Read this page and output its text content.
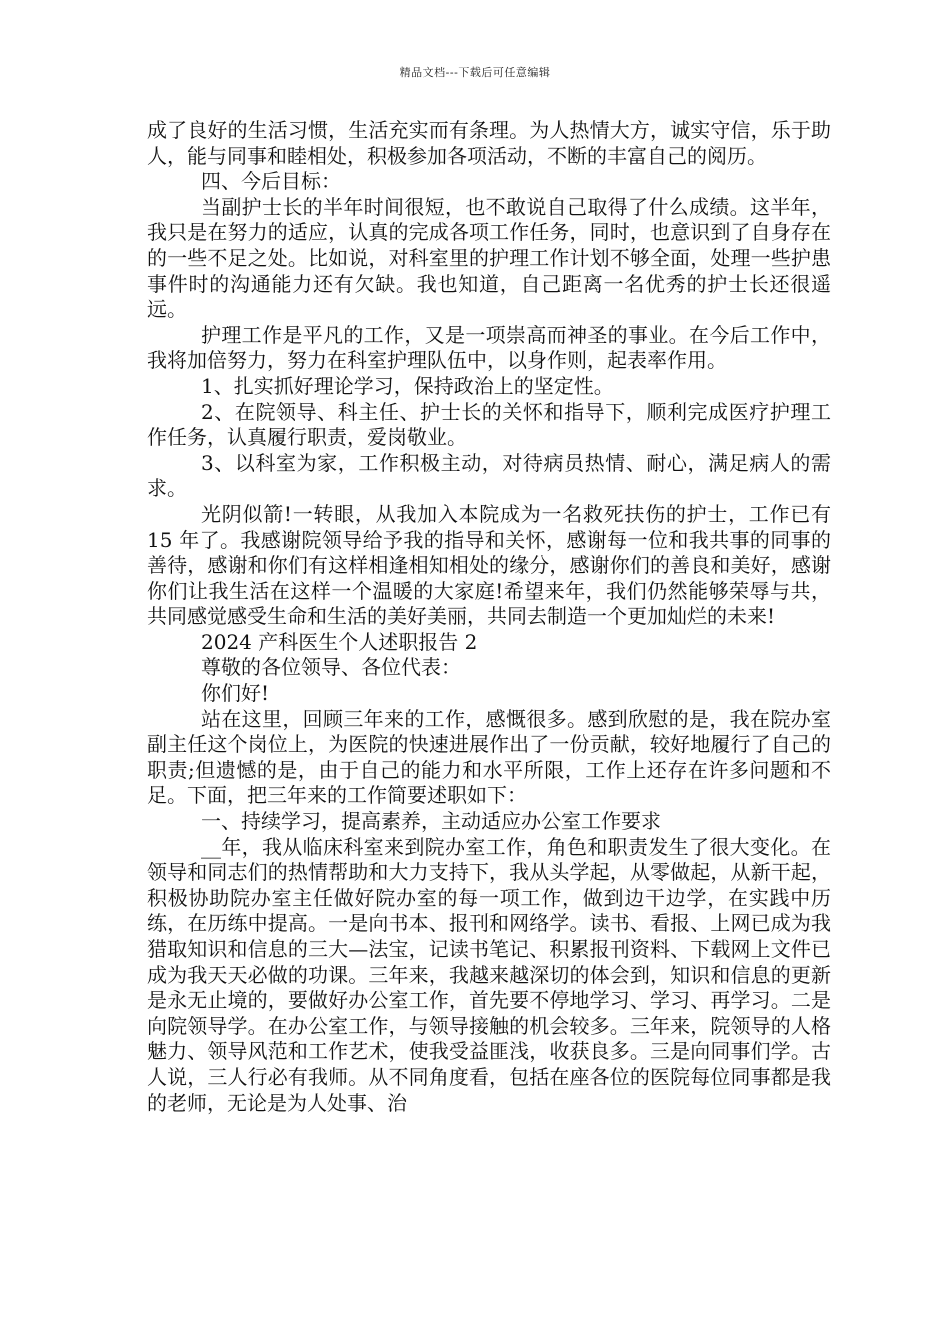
精品文档---下载后可任意编辑

成了良好的生活习惯，生活充实而有条理。为人热情大方，诚实守信，乐于助人，能与同事和睦相处，积极参加各项活动，不断的丰富自己的阅历。

四、今后目标：

当副护士长的半年时间很短，也不敢说自己取得了什么成绩。这半年，我只是在努力的适应，认真的完成各项工作任务，同时，也意识到了自身存在的一些不足之处。比如说，对科室里的护理工作计划不够全面，处理一些护患事件时的沟通能力还有欠缺。我也知道，自己距离一名优秀的护士长还很遥远。

护理工作是平凡的工作，又是一项崇高而神圣的事业。在今后工作中，我将加倍努力，努力在科室护理队伍中，以身作则，起表率作用。

1、扎实抓好理论学习，保持政治上的坚定性。

2、在院领导、科主任、护士长的关怀和指导下，顺利完成医疗护理工作任务，认真履行职责，爱岗敬业。

3、以科室为家，工作积极主动，对待病员热情、耐心，满足病人的需求。

光阴似箭!一转眼，从我加入本院成为一名救死扶伤的护士，工作已有 15 年了。我感谢院领导给予我的指导和关怀，感谢每一位和我共事的同事的 善待，感谢和你们有这样相逢相知相处的缘分，感谢你们的善良和美好，感谢你们让我生活在这样一个温暖的大家庭!希望来年，我们仍然能够荣辱与共，共同感觉感受生命和生活的美好美丽，共同去制造一个更加灿烂的未来!

2024 产科医生个人述职报告 2

尊敬的各位领导、各位代表：

你们好!

站在这里，回顾三年来的工作，感慨很多。感到欣慰的是，我在院办室副主任这个岗位上，为医院的快速进展作出了一份贡献，较好地履行了自己的职责;但遗憾的是，由于自己的能力和水平所限，工作上还存在许多问题和不足。下面，把三年来的工作简要述职如下：

一、持续学习，提高素养，主动适应办公室工作要求

__年，我从临床科室来到院办室工作，角色和职责发生了很大变化。在领导和同志们的热情帮助和大力支持下，我从头学起，从零做起，从新干起，积极协助院办室主任做好院办室的每一项工作，做到边干边学，在实践中历练，在历练中提高。一是向书本、报刊和网络学。读书、看报、上网已成为我猎取知识和信息的三大—法宝，记读书笔记、积累报刊资料、下载网上文件已成为我天天必做的功课。三年来，我越来越深切的体会到，知识和信息的更新是永无止境的，要做好办公室工作，首先要不停地学习、学习、再学习。二是向院领导学。在办公室工作，与领导接触的机会较多。三年来，院领导的人格魅力、领导风范和工作艺术，使我受益匪浅，收获良多。三是向同事们学。古人说，三人行必有我师。从不同角度看，包括在座各位的医院每位同事都是我的老师，无论是为人处事、治
